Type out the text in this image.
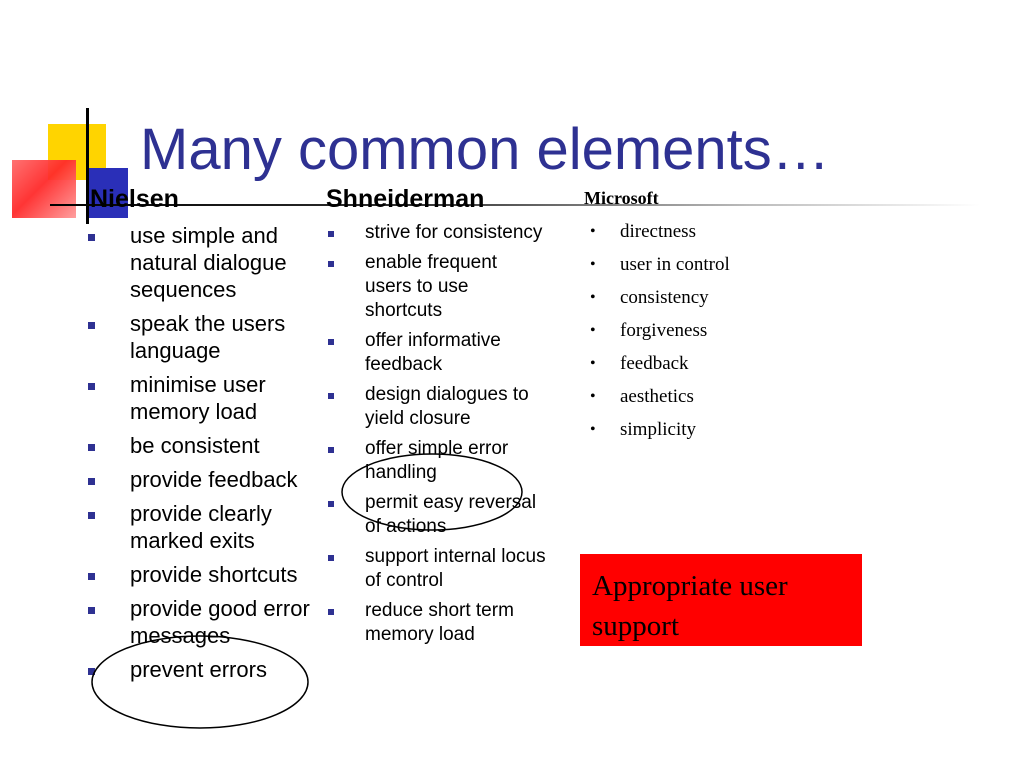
Many common elements…
Nielsen	Shneiderman	Microsoft
use simple and natural dialogue sequences
speak the users language
minimise user memory load
be consistent
provide feedback
provide clearly marked exits
provide shortcuts
provide good error messages
prevent errors
strive for consistency
enable frequent users to use shortcuts
offer informative feedback
design dialogues to yield closure
offer simple error handling
permit easy reversal of actions
support internal locus of control
reduce short term memory load
• directness
• user in control
• consistency
• forgiveness
• feedback
• aesthetics
• simplicity
Appropriate user support
